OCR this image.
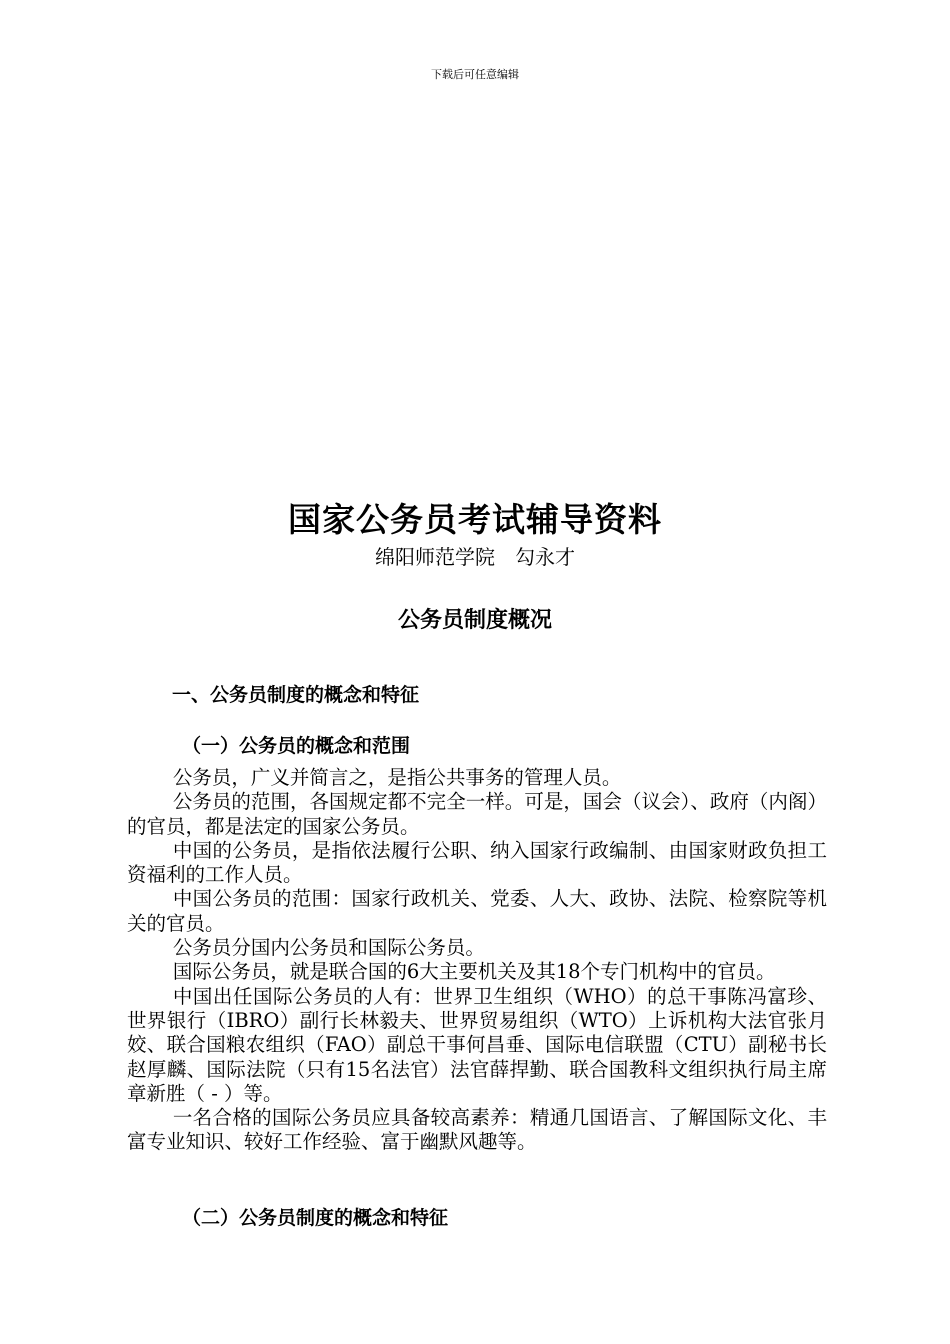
下载后可任意编辑
国家公务员考试辅导资料
绵阳师范学院　勾永才
公务员制度概况
一、公务员制度的概念和特征
（一）公务员的概念和范围

公务员，广义并简言之，是指公共事务的管理人员。

公务员的范围，各国规定都不完全一样。可是，国会（议会）、政府（内阁）的官员，都是法定的国家公务员。

中国的公务员，是指依法履行公职、纳入国家行政编制、由国家财政负担工资福利的工作人员。

中国公务员的范围：国家行政机关、党委、人大、政协、法院、检察院等机关的官员。

公务员分国内公务员和国际公务员。

国际公务员，就是联合国的6大主要机关及其18个专门机构中的官员。

中国出任国际公务员的人有：世界卫生组织（WHO）的总干事陈冯富珍、世界银行（IBRO）副行长林毅夫、世界贸易组织（WTO）上诉机构大法官张月姣、联合国粮农组织（FAO）副总干事何昌垂、国际电信联盟（CTU）副秘书长赵厚麟、国际法院（只有15名法官）法官薛捍勤、联合国教科文组织执行局主席章新胜（ - ）等。

一名合格的国际公务员应具备较高素养：精通几国语言、了解国际文化、丰富专业知识、较好工作经验、富于幽默风趣等。

（二）公务员制度的概念和特征
